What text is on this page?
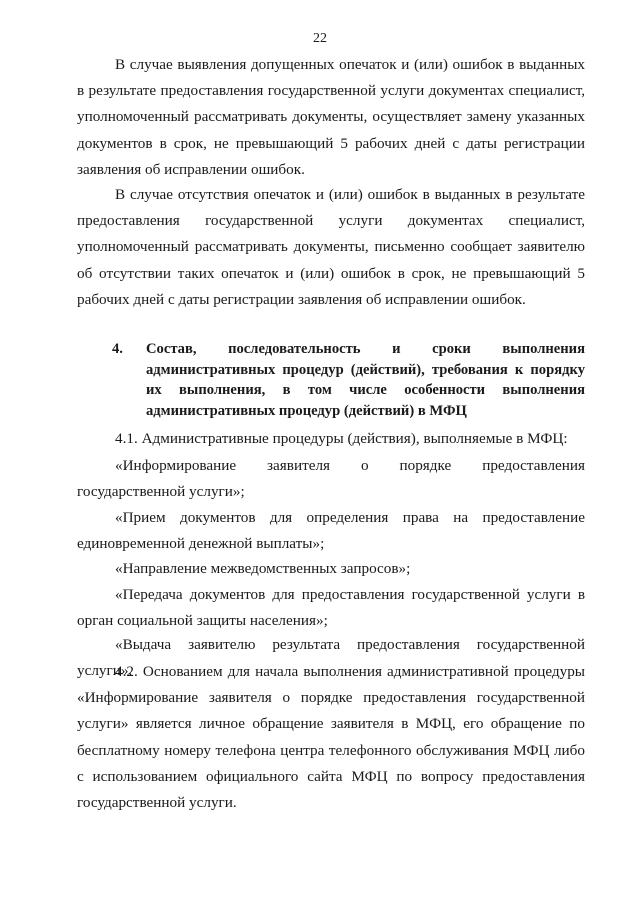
22

В случае выявления допущенных опечаток и (или) ошибок в выданных в результате предоставления государственной услуги документах специалист, уполномоченный рассматривать документы, осуществляет замену указанных документов в срок, не превышающий 5 рабочих дней с даты регистрации заявления об исправлении ошибок.

В случае отсутствия опечаток и (или) ошибок в выданных в результате предоставления государственной услуги документах специалист, уполномоченный рассматривать документы, письменно сообщает заявителю об отсутствии таких опечаток и (или) ошибок в срок, не превышающий 5 рабочих дней с даты регистрации заявления об исправлении ошибок.

4. Состав, последовательность и сроки выполнения административных процедур (действий), требования к порядку их выполнения, в том числе особенности выполнения административных процедур (действий) в МФЦ

4.1. Административные процедуры (действия), выполняемые в МФЦ:

«Информирование заявителя о порядке предоставления государственной услуги»;

«Прием документов для определения права на предоставление единовременной денежной выплаты»;

«Направление межведомственных запросов»;

«Передача документов для предоставления государственной услуги в орган социальной защиты населения»;

«Выдача заявителю результата предоставления государственной услуги».

4.2. Основанием для начала выполнения административной процедуры «Информирование заявителя о порядке предоставления государственной услуги» является личное обращение заявителя в МФЦ, его обращение по бесплатному номеру телефона центра телефонного обслуживания МФЦ либо с использованием официального сайта МФЦ по вопросу предоставления государственной услуги.
